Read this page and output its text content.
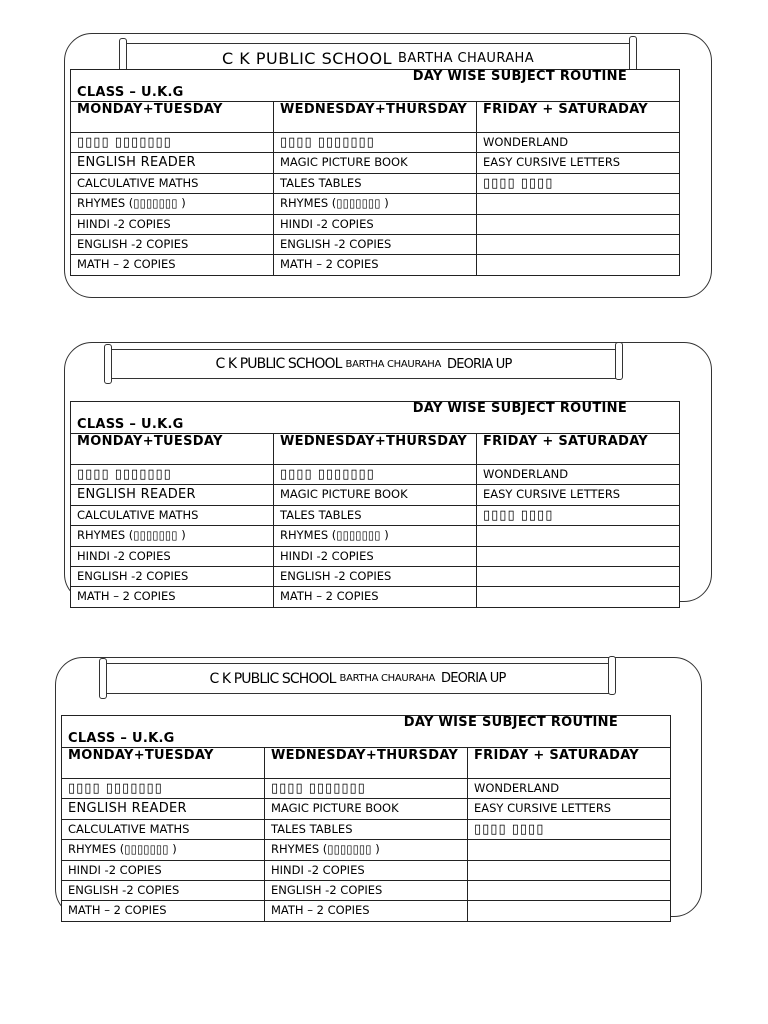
C K PUBLIC SCHOOL BARTHA CHAURAHA
DAY WISE SUBJECT ROUTINE
CLASS – U.K.G		

MONDAY+TUESDAY	WEDNESDAY+THURSDAY	FRIDAY + SATURADAY
▯▯▯▯ ▯▯▯▯▯▯▯	▯▯▯▯ ▯▯▯▯▯▯▯	WONDERLAND
ENGLISH READER	MAGIC PICTURE BOOK	EASY CURSIVE LETTERS
CALCULATIVE MATHS	TALES TABLES	▯▯▯▯ ▯▯▯▯
RHYMES (▯▯▯▯▯▯▯ )	RHYMES (▯▯▯▯▯▯▯ )	
HINDI -2 COPIES	HINDI -2 COPIES	
ENGLISH -2 COPIES	ENGLISH -2 COPIES	
MATH – 2 COPIES	MATH – 2 COPIES	
C K PUBLIC SCHOOL BARTHA CHAURAHA DEORIA UP
DAY WISE SUBJECT ROUTINE
CLASS – U.K.G		

MONDAY+TUESDAY	WEDNESDAY+THURSDAY	FRIDAY + SATURADAY
▯▯▯▯ ▯▯▯▯▯▯▯	▯▯▯▯ ▯▯▯▯▯▯▯	WONDERLAND
ENGLISH READER	MAGIC PICTURE BOOK	EASY CURSIVE LETTERS
CALCULATIVE MATHS	TALES TABLES	▯▯▯▯ ▯▯▯▯
RHYMES (▯▯▯▯▯▯▯ )	RHYMES (▯▯▯▯▯▯▯ )	
HINDI -2 COPIES	HINDI -2 COPIES	
ENGLISH -2 COPIES	ENGLISH -2 COPIES	
MATH – 2 COPIES	MATH – 2 COPIES	
C K PUBLIC SCHOOL BARTHA CHAURAHA DEORIA UP
DAY WISE SUBJECT ROUTINE
CLASS – U.K.G		

MONDAY+TUESDAY	WEDNESDAY+THURSDAY	FRIDAY + SATURADAY
▯▯▯▯ ▯▯▯▯▯▯▯	▯▯▯▯ ▯▯▯▯▯▯▯	WONDERLAND
ENGLISH READER	MAGIC PICTURE BOOK	EASY CURSIVE LETTERS
CALCULATIVE MATHS	TALES TABLES	▯▯▯▯ ▯▯▯▯
RHYMES (▯▯▯▯▯▯▯ )	RHYMES (▯▯▯▯▯▯▯ )	
HINDI -2 COPIES	HINDI -2 COPIES	
ENGLISH -2 COPIES	ENGLISH -2 COPIES	
MATH – 2 COPIES	MATH – 2 COPIES	
